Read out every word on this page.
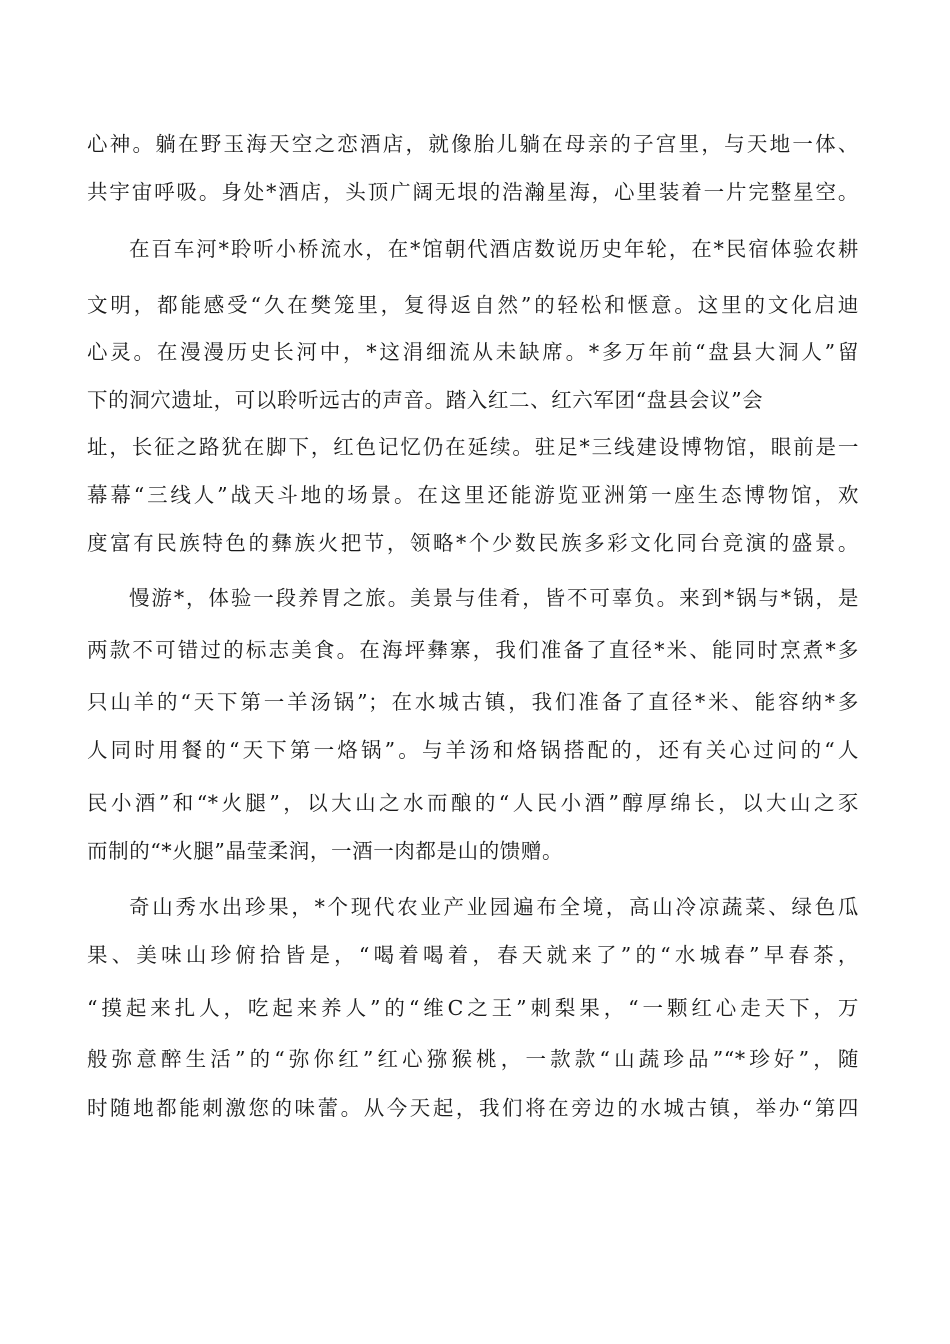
心神。躺在野玉海天空之恋酒店，就像胎儿躺在母亲的子宫里，与天地一体、
共宇宙呼吸。身处*酒店，头顶广阔无垠的浩瀚星海，心里装着一片完整星空。
在百车河*聆听小桥流水，在*馆朝代酒店数说历史年轮，在*民宿体验农耕
文明，都能感受“久在樊笼里，复得返自然”的轻松和惬意。这里的文化启迪
心灵。在漫漫历史长河中，*这涓细流从未缺席。*多万年前“盘县大洞人”留
下的洞穴遗址，可以聆听远古的声音。踏入红二、红六军团“盘县会议”会
址，长征之路犹在脚下，红色记忆仍在延续。驻足*三线建设博物馆，眼前是一
幕幕“三线人”战天斗地的场景。在这里还能游览亚洲第一座生态博物馆，欢
度富有民族特色的彝族火把节，领略*个少数民族多彩文化同台竞演的盛景。
慢游*，体验一段养胃之旅。美景与佳肴，皆不可辜负。来到*锅与*锅，是
两款不可错过的标志美食。在海坪彝寨，我们准备了直径*米、能同时烹煮*多
只山羊的“天下第一羊汤锅”；在水城古镇，我们准备了直径*米、能容纳*多
人同时用餐的“天下第一烙锅”。与羊汤和烙锅搭配的，还有关心过问的“人
民小酒”和“*火腿”，以大山之水而酿的“人民小酒”醇厚绵长，以大山之豕
而制的“*火腿”晶莹柔润，一酒一肉都是山的馈赠。
奇山秀水出珍果，*个现代农业产业园遍布全境，高山冷凉蔬菜、绿色瓜
果、美味山珍俯拾皆是，“喝着喝着，春天就来了”的“水城春”早春茶，
“摸起来扎人，吃起来养人”的“维C之王”刺梨果，“一颗红心走天下，万
般弥意醉生活”的“弥你红”红心猕猴桃，一款款“山蔬珍品”“*珍好”，随
时随地都能刺激您的味蕾。从今天起，我们将在旁边的水城古镇，举办“第四
